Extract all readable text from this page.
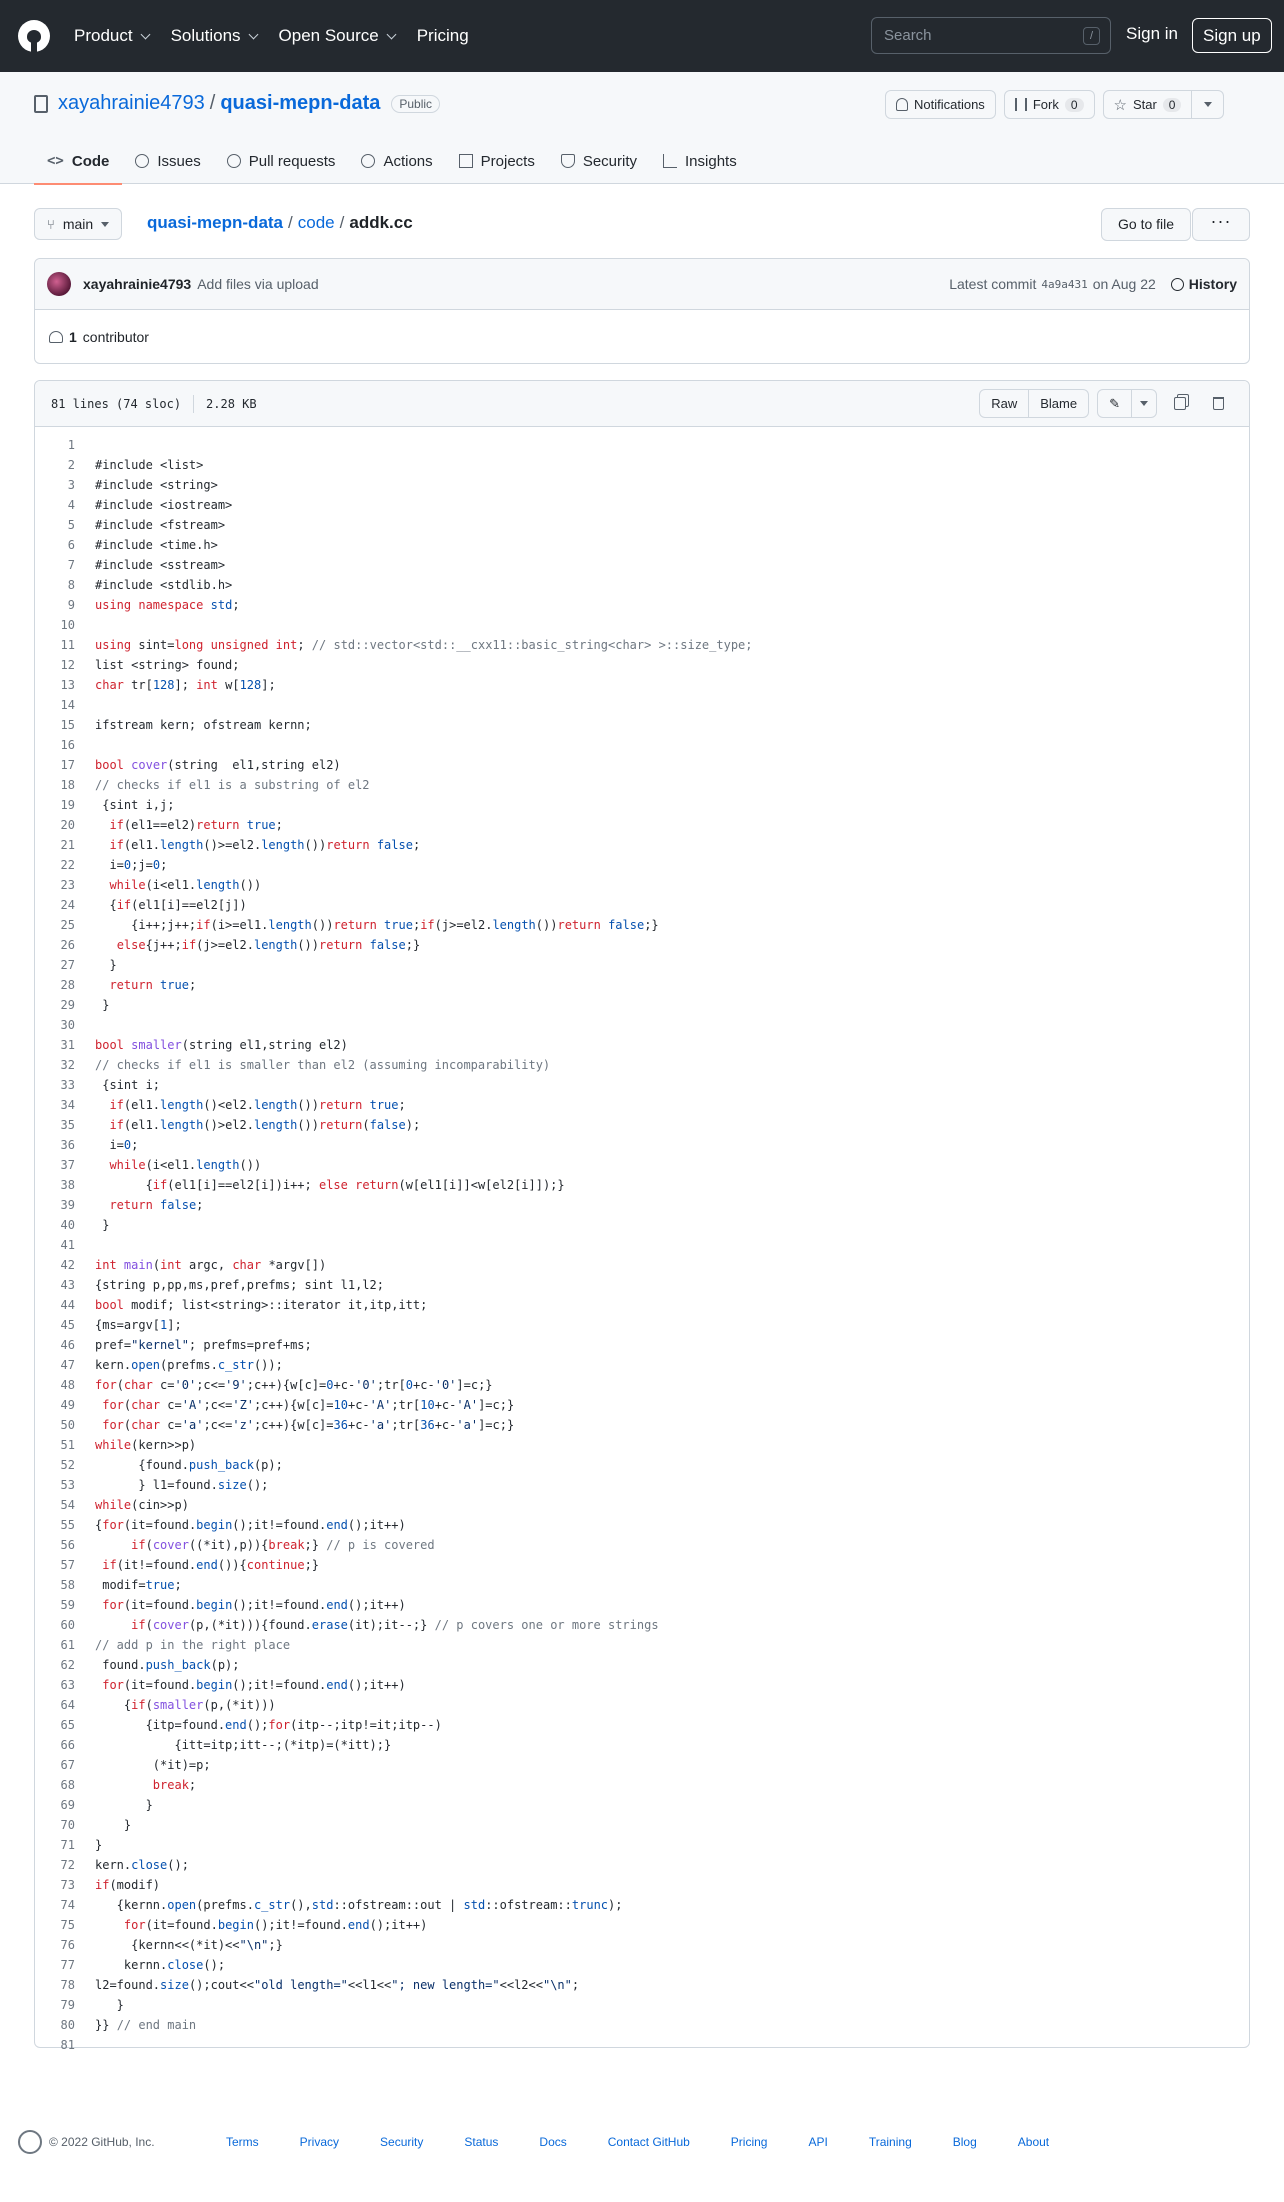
Product Solutions Open Source Pricing	Search	/	Sign in	Sign up
xayahrainie4793 / quasi-mepn-data	Public	Notifications	Fork	0	☆ Star	0
<> Code	Issues	Pull requests	Actions	Projects	Security	Insights
⑂ main	quasi-mepn-data / code / addk.cc	Go to file	···
xayahrainie4793 Add files via upload	Latest commit 4a9a431 on Aug 22 History
1 contributor
81 lines (74 sloc) 2.28 KB	Raw	Blame	✎
1
2	#include <list>
3	#include <string>
4	#include <iostream>
5	#include <fstream>
6	#include <time.h>
7	#include <sstream>
8	#include <stdlib.h>
9	using namespace std;
10
11	using sint=long unsigned int; // std::vector<std::__cxx11::basic_string<char> >::size_type;
12	list <string> found;
13	char tr[128]; int w[128];
14
15	ifstream kern; ofstream kernn;
16
17	bool cover(string  el1,string el2)
18	// checks if el1 is a substring of el2
19	{sint i,j;
20	if(el1==el2)return true;
21	if(el1.length()>=el2.length())return false;
22	i=0;j=0;
23	while(i<el1.length())
24	{if(el1[i]==el2[j])
25	{i++;j++;if(i>=el1.length())return true;if(j>=el2.length())return false;}
26	else{j++;if(j>=el2.length())return false;}
27	}
28	return true;
29	}
30
31	bool smaller(string el1,string el2)
32	// checks if el1 is smaller than el2 (assuming incomparability)
33	{sint i;
34	if(el1.length()<el2.length())return true;
35	if(el1.length()>el2.length())return(false);
36	i=0;
37	while(i<el1.length())
38	{if(el1[i]==el2[i])i++; else return(w[el1[i]]<w[el2[i]]);}
39	return false;
40	}
41
42	int main(int argc, char *argv[])
43	{string p,pp,ms,pref,prefms; sint l1,l2;
44	bool modif; list<string>::iterator it,itp,itt;
45	{ms=argv[1];
46	pref="kernel"; prefms=pref+ms;
47	kern.open(prefms.c_str());
48	for(char c='0';c<='9';c++){w[c]=0+c-'0';tr[0+c-'0']=c;}
49	for(char c='A';c<='Z';c++){w[c]=10+c-'A';tr[10+c-'A']=c;}
50	for(char c='a';c<='z';c++){w[c]=36+c-'a';tr[36+c-'a']=c;}
51	while(kern>>p)
52	{found.push_back(p);
53	} l1=found.size();
54	while(cin>>p)
55	{for(it=found.begin();it!=found.end();it++)
56	if(cover((*it),p)){break;} // p is covered
57	if(it!=found.end()){continue;}
58	modif=true;
59	for(it=found.begin();it!=found.end();it++)
60	if(cover(p,(*it))){found.erase(it);it--;} // p covers one or more strings
61	// add p in the right place
62	found.push_back(p);
63	for(it=found.begin();it!=found.end();it++)
64	{if(smaller(p,(*it)))
65	{itp=found.end();for(itp--;itp!=it;itp--)
66	{itt=itp;itt--;(*itp)=(*itt);}
67	(*it)=p;
68	break;
69	}
70	}
71	}
72	kern.close();
73	if(modif)
74	{kernn.open(prefms.c_str(),std::ofstream::out | std::ofstream::trunc);
75	for(it=found.begin();it!=found.end();it++)
76	{kernn<<(*it)<<"\n";}
77	kernn.close();
78	l2=found.size();cout<<"old length="<<l1<<"; new length="<<l2<<"\n";
79	}
80	}} // end main
81
© 2022 GitHub, Inc.	Terms	Privacy	Security	Status	Docs	Contact GitHub	Pricing	API	Training	Blog	About
